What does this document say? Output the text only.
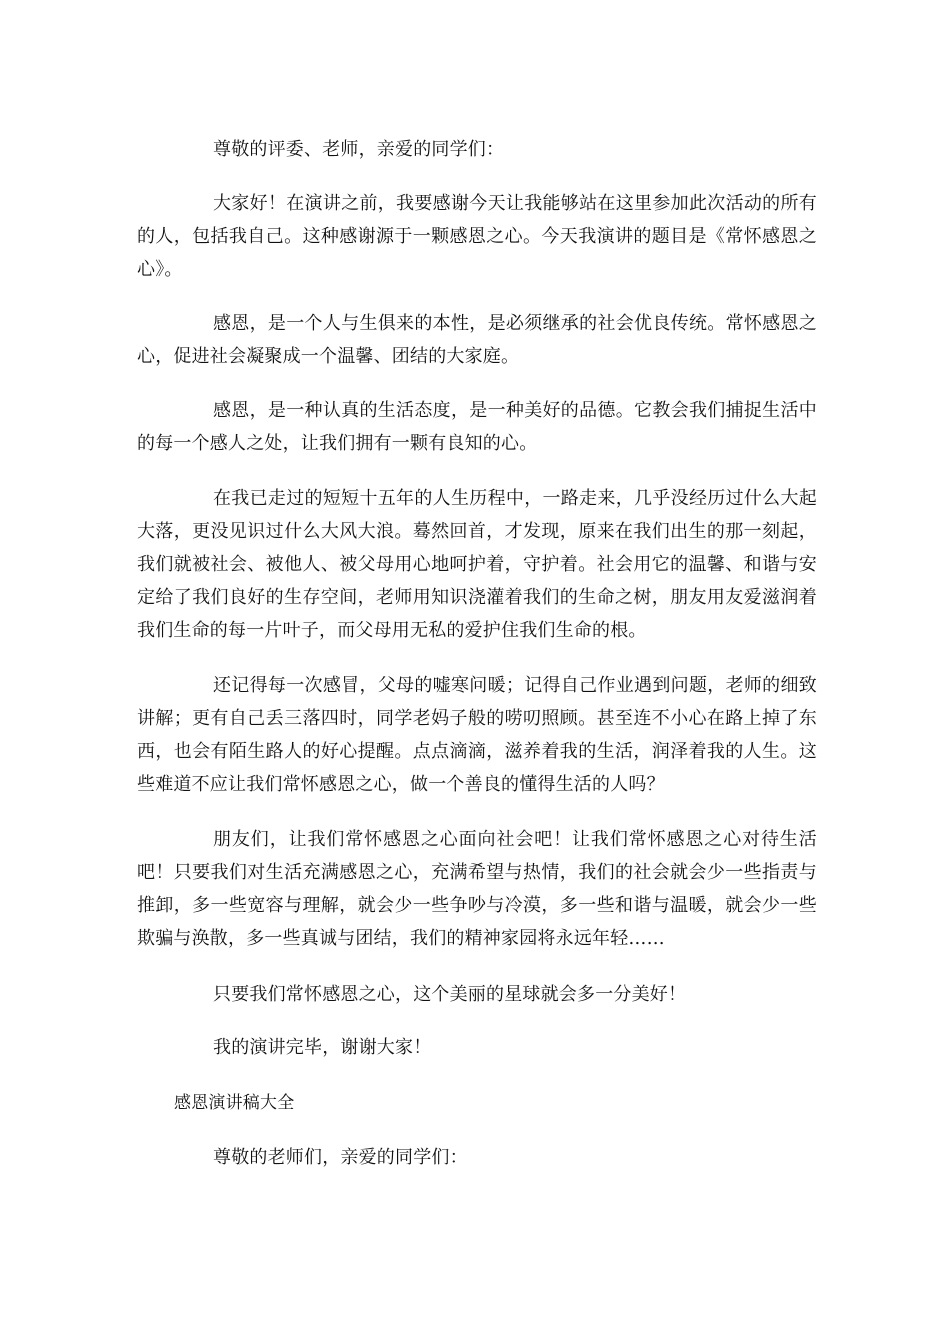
尊敬的评委、老师，亲爱的同学们：

大家好！在演讲之前，我要感谢今天让我能够站在这里参加此次活动的所有的人，包括我自己。这种感谢源于一颗感恩之心。今天我演讲的题目是《常怀感恩之心》。

感恩，是一个人与生俱来的本性，是必须继承的社会优良传统。常怀感恩之心，促进社会凝聚成一个温馨、团结的大家庭。

感恩，是一种认真的生活态度，是一种美好的品德。它教会我们捕捉生活中的每一个感人之处，让我们拥有一颗有良知的心。

在我已走过的短短十五年的人生历程中，一路走来，几乎没经历过什么大起大落，更没见识过什么大风大浪。蓦然回首，才发现，原来在我们出生的那一刻起，我们就被社会、被他人、被父母用心地呵护着，守护着。社会用它的温馨、和谐与安定给了我们良好的生存空间，老师用知识浇灌着我们的生命之树，朋友用友爱滋润着我们生命的每一片叶子，而父母用无私的爱护住我们生命的根。

还记得每一次感冒，父母的嘘寒问暖；记得自己作业遇到问题，老师的细致讲解；更有自己丢三落四时，同学老妈子般的唠叨照顾。甚至连不小心在路上掉了东西，也会有陌生路人的好心提醒。点点滴滴，滋养着我的生活，润泽着我的人生。这些难道不应让我们常怀感恩之心，做一个善良的懂得生活的人吗？

朋友们，让我们常怀感恩之心面向社会吧！让我们常怀感恩之心对待生活吧！只要我们对生活充满感恩之心，充满希望与热情，我们的社会就会少一些指责与推卸，多一些宽容与理解，就会少一些争吵与冷漠，多一些和谐与温暖，就会少一些欺骗与涣散，多一些真诚与团结，我们的精神家园将永远年轻……

只要我们常怀感恩之心，这个美丽的星球就会多一分美好！

我的演讲完毕，谢谢大家！

感恩演讲稿大全

尊敬的老师们，亲爱的同学们：
